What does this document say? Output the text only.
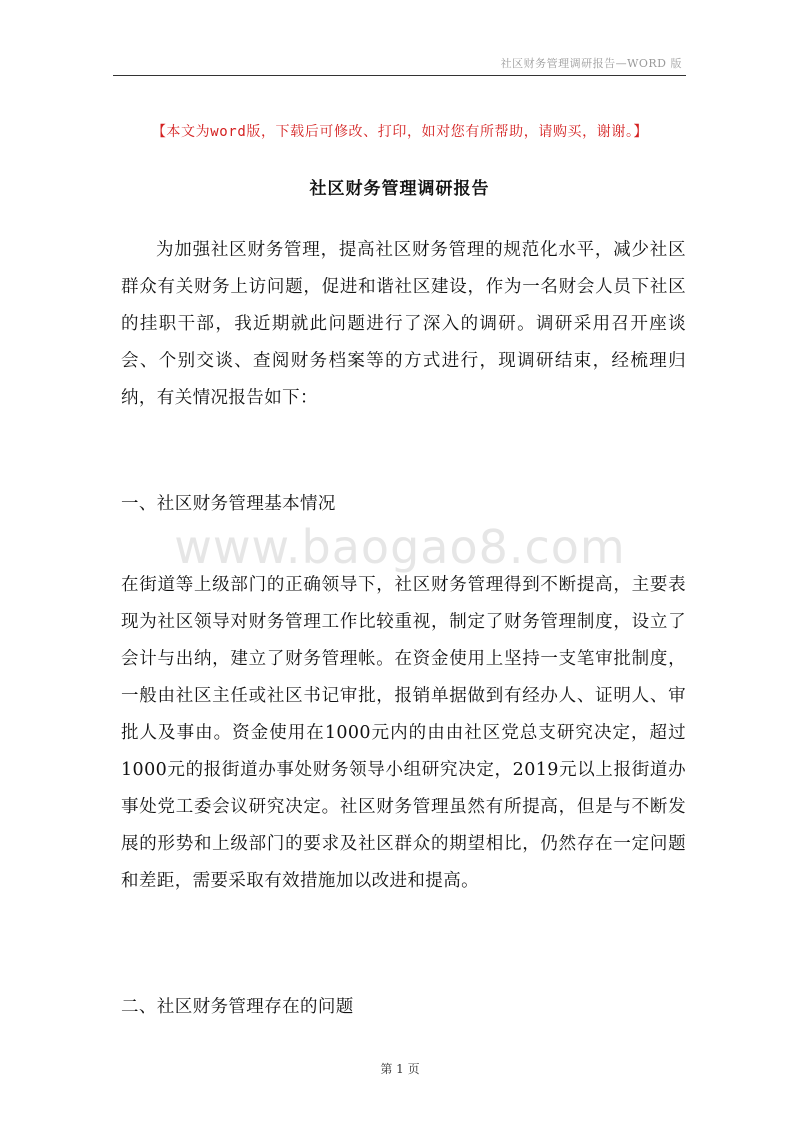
社区财务管理调研报告—WORD 版
【本文为word版，下载后可修改、打印，如对您有所帮助，请购买，谢谢。】
社区财务管理调研报告
为加强社区财务管理，提高社区财务管理的规范化水平，减少社区群众有关财务上访问题，促进和谐社区建设，作为一名财会人员下社区的挂职干部，我近期就此问题进行了深入的调研。调研采用召开座谈会、个别交谈、查阅财务档案等的方式进行，现调研结束，经梳理归纳，有关情况报告如下：
一、社区财务管理基本情况
www.baogao8.com
在街道等上级部门的正确领导下，社区财务管理得到不断提高，主要表现为社区领导对财务管理工作比较重视，制定了财务管理制度，设立了会计与出纳，建立了财务管理帐。在资金使用上坚持一支笔审批制度，一般由社区主任或社区书记审批，报销单据做到有经办人、证明人、审批人及事由。资金使用在1000元内的由由社区党总支研究决定，超过1000元的报街道办事处财务领导小组研究决定，2019元以上报街道办事处党工委会议研究决定。社区财务管理虽然有所提高，但是与不断发展的形势和上级部门的要求及社区群众的期望相比，仍然存在一定问题和差距，需要采取有效措施加以改进和提高。
二、社区财务管理存在的问题
第 1 页
